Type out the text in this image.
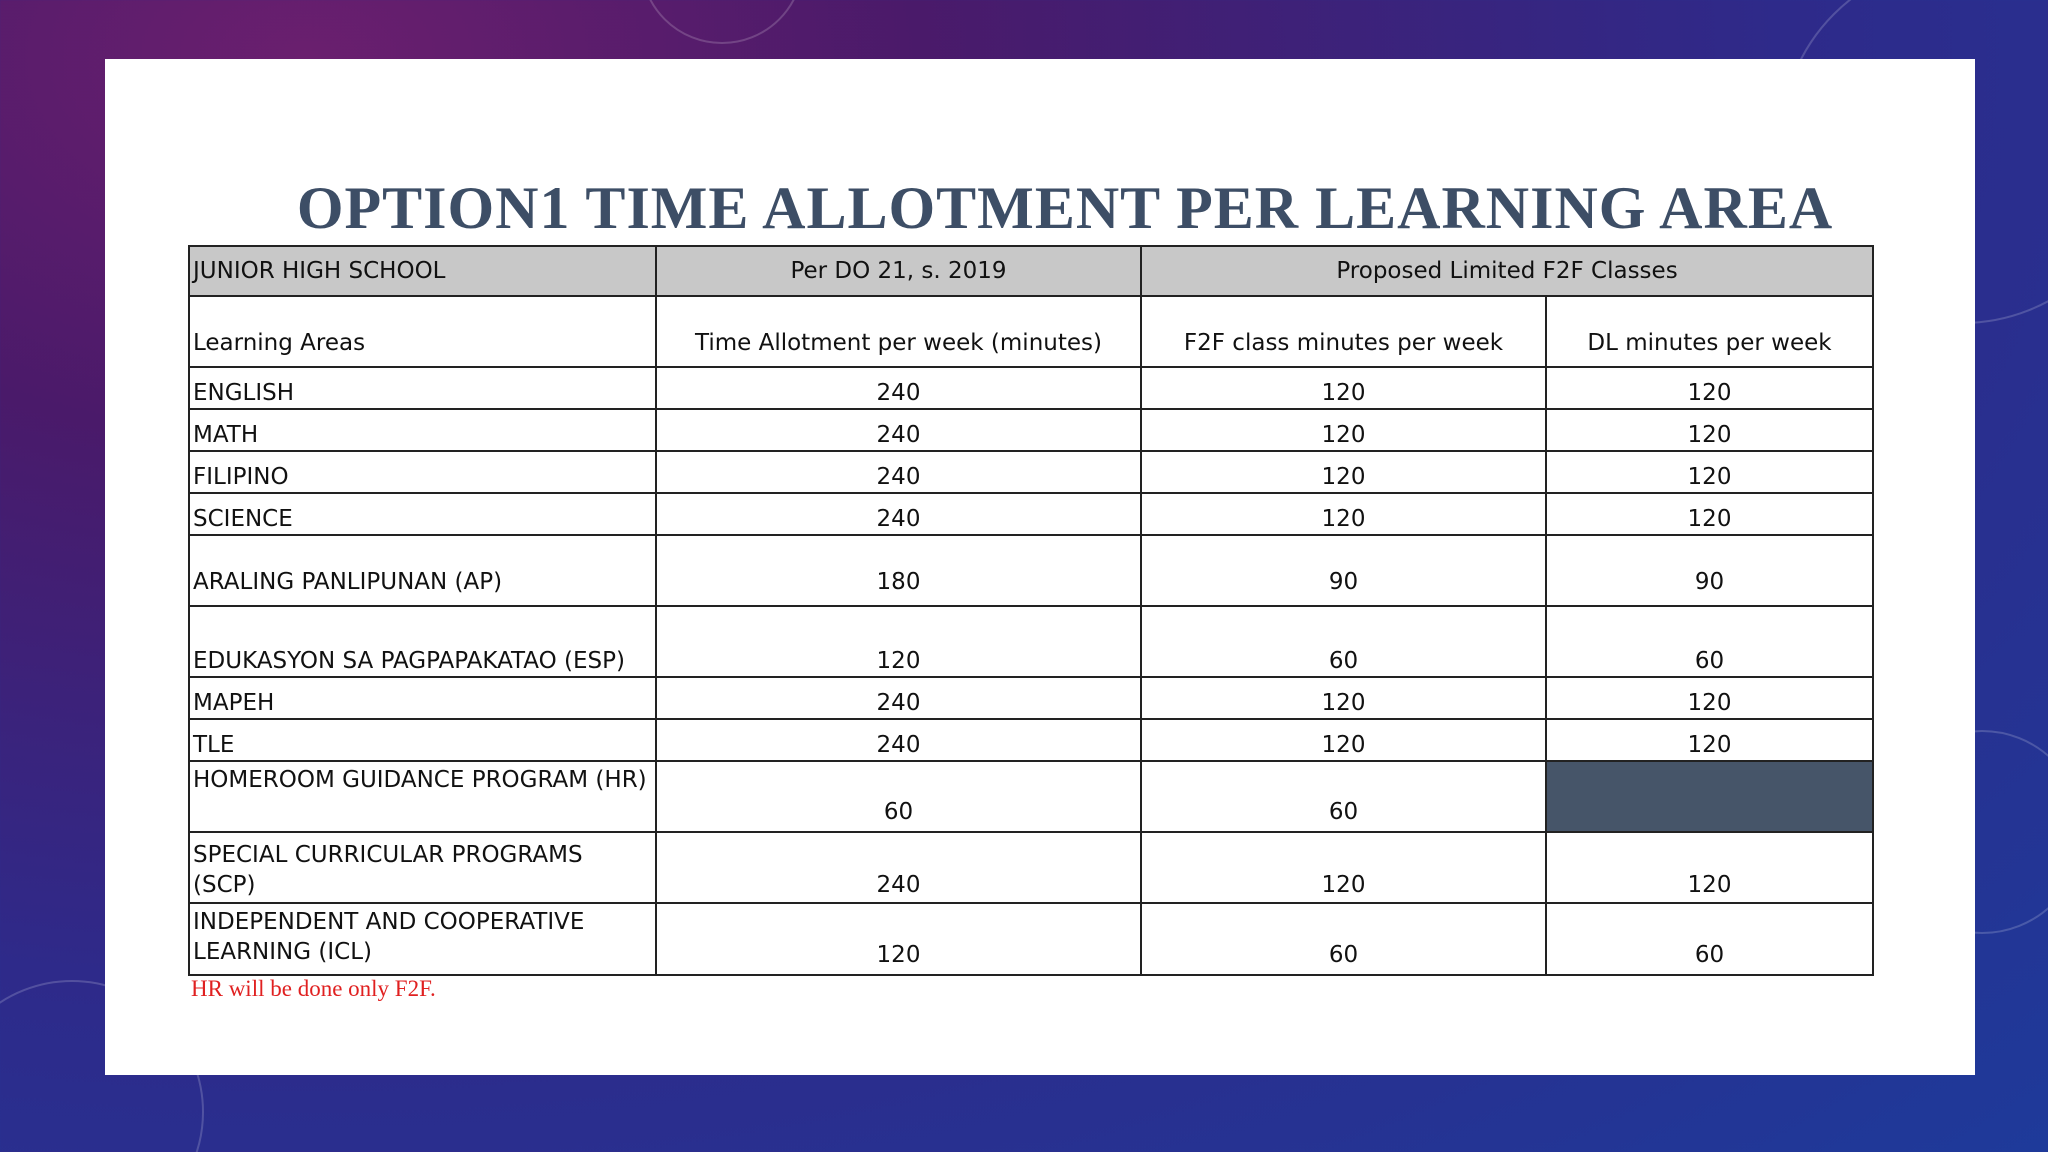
OPTION1 TIME ALLOTMENT PER LEARNING AREA
JUNIOR HIGH SCHOOL	Per DO 21, s. 2019	Proposed Limited F2F Classes	
Learning Areas	Time Allotment per week (minutes)	F2F class minutes per week	DL minutes per week
ENGLISH	240	120	120
MATH	240	120	120
FILIPINO	240	120	120
SCIENCE	240	120	120
ARALING PANLIPUNAN (AP)	180	90	90
EDUKASYON SA PAGPAPAKATAO (ESP)	120	60	60
MAPEH	240	120	120
TLE	240	120	120
HOMEROOM GUIDANCE PROGRAM (HR)	60	60	
SPECIAL CURRICULAR PROGRAMS (SCP)	240	120	120
INDEPENDENT AND COOPERATIVE LEARNING (ICL)	120	60	60
HR will be done only F2F.
